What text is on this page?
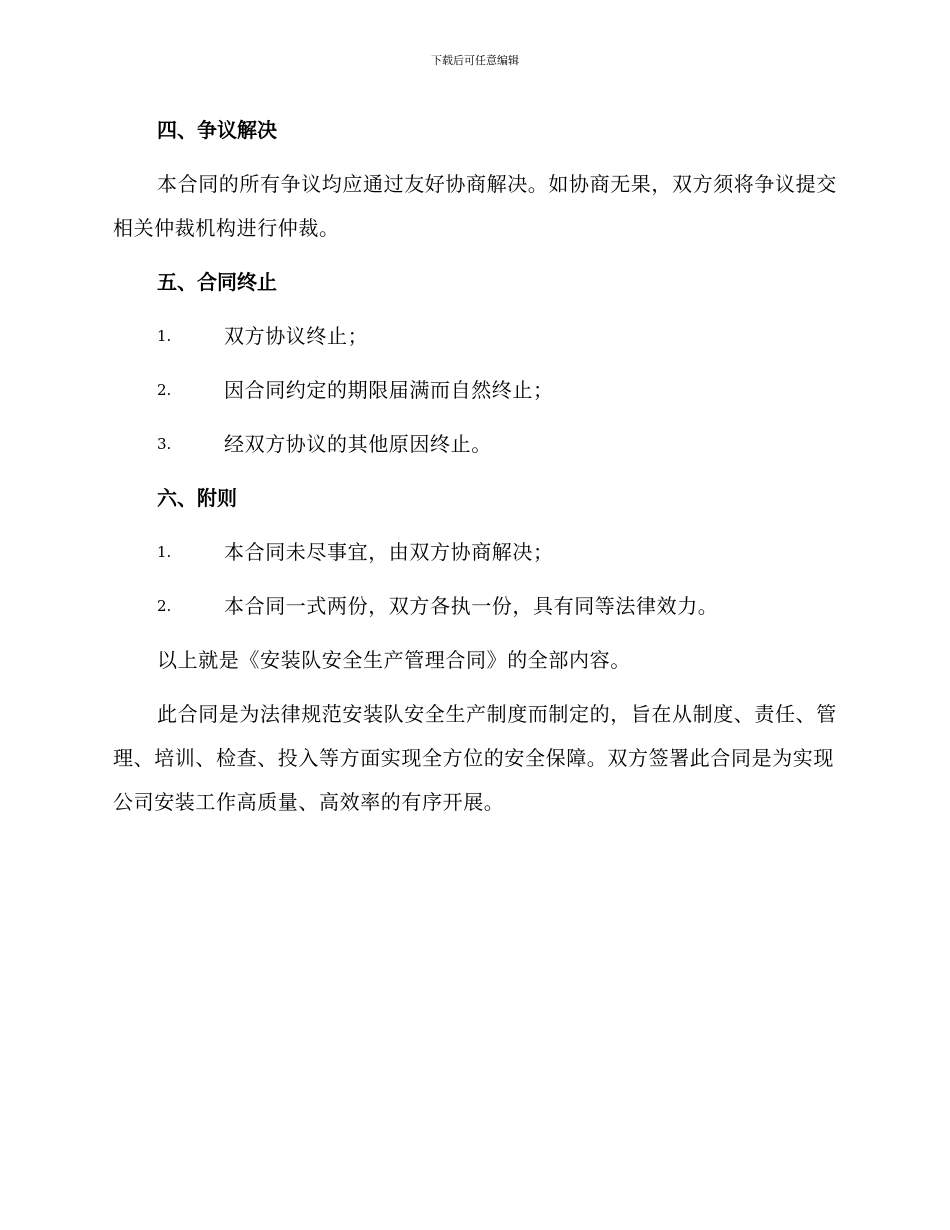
下载后可任意编辑
四、争议解决

本合同的所有争议均应通过友好协商解决。如协商无果，双方须将争议提交相关仲裁机构进行仲裁。

五、合同终止
1.	双方协议终止；
2.	因合同约定的期限届满而自然终止；
3.	经双方协议的其他原因终止。
六、附则
1.	本合同未尽事宜，由双方协商解决；
2.	本合同一式两份，双方各执一份，具有同等法律效力。

以上就是《安装队安全生产管理合同》的全部内容。

此合同是为法律规范安装队安全生产制度而制定的，旨在从制度、责任、管理、培训、检查、投入等方面实现全方位的安全保障。双方签署此合同是为实现公司安装工作高质量、高效率的有序开展。
